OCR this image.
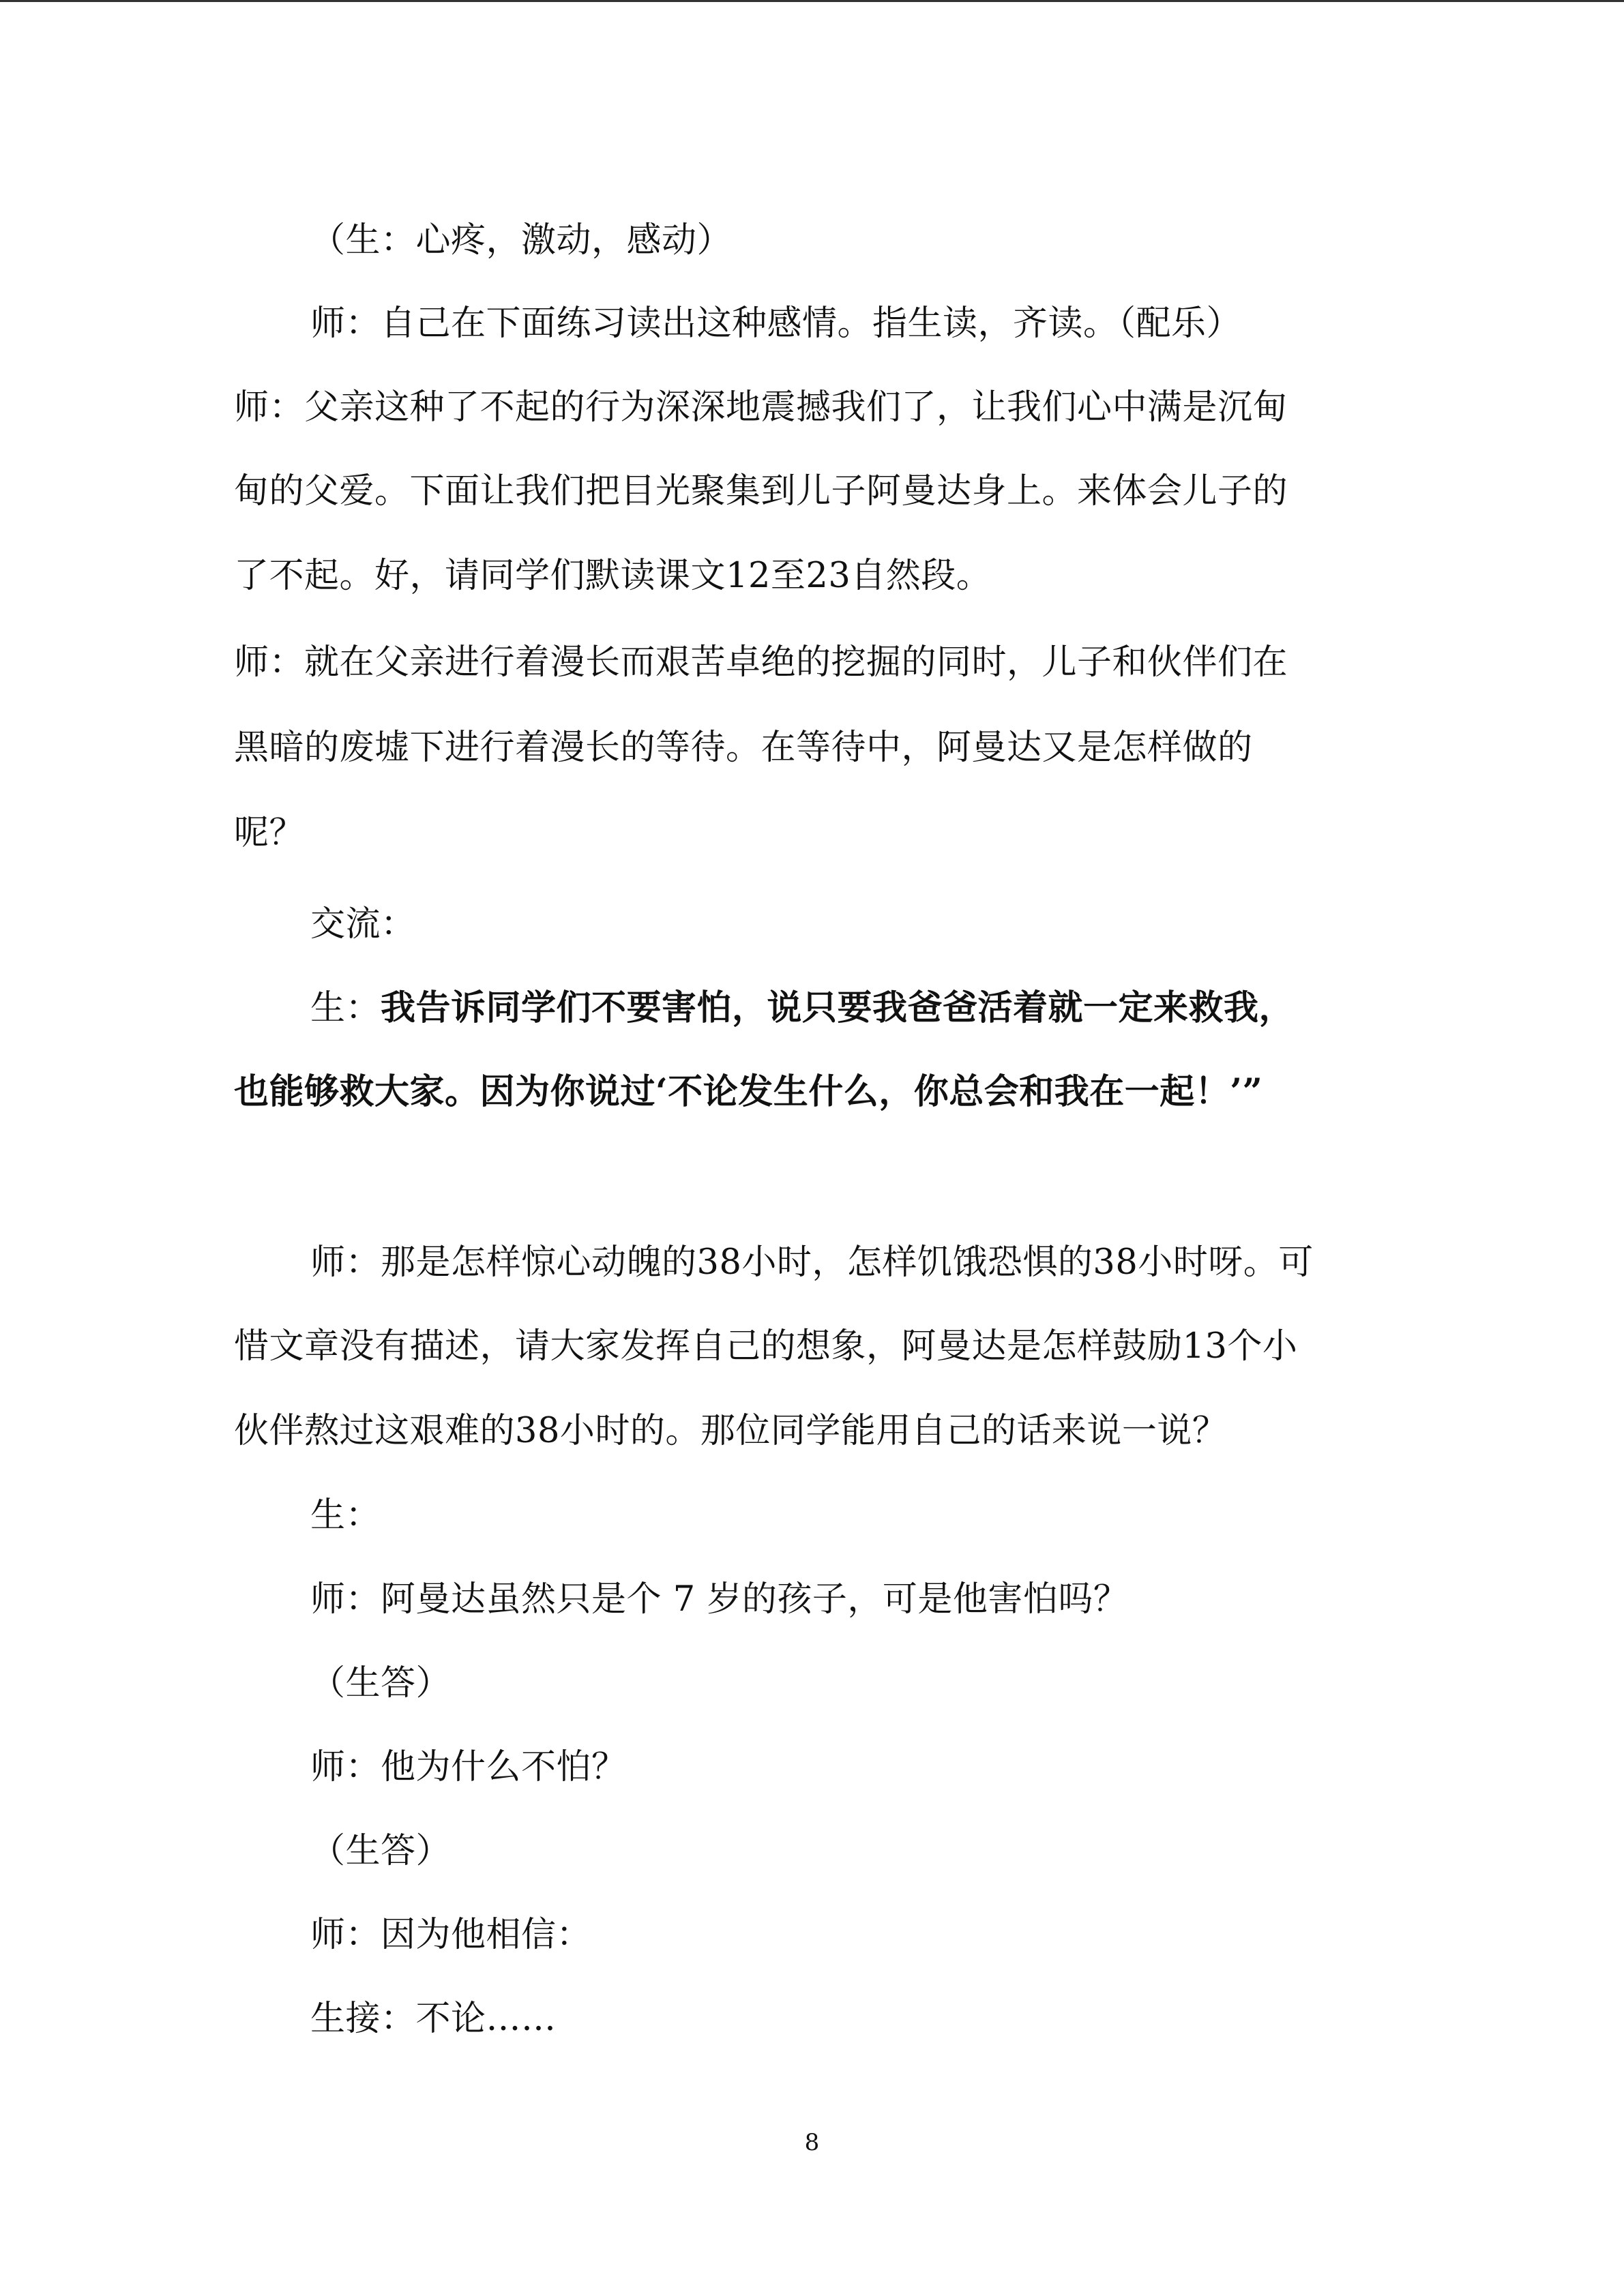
（生：心疼，激动，感动）
师：自己在下面练习读出这种感情。指生读，齐读。（配乐）
师：父亲这种了不起的行为深深地震撼我们了，让我们心中满是沉甸
甸的父爱。下面让我们把目光聚集到儿子阿曼达身上。来体会儿子的
了不起。好，请同学们默读课文12至23自然段。
师：就在父亲进行着漫长而艰苦卓绝的挖掘的同时，儿子和伙伴们在
黑暗的废墟下进行着漫长的等待。在等待中，阿曼达又是怎样做的
呢？
交流：
生：我告诉同学们不要害怕，说只要我爸爸活着就一定来救我，
也能够救大家。因为你说过‘不论发生什么，你总会和我在一起！’”
师：那是怎样惊心动魄的38小时，怎样饥饿恐惧的38小时呀。可
惜文章没有描述，请大家发挥自己的想象，阿曼达是怎样鼓励13个小
伙伴熬过这艰难的38小时的。那位同学能用自己的话来说一说？
生：
师：阿曼达虽然只是个 7 岁的孩子，可是他害怕吗？
（生答）
师：他为什么不怕？
（生答）
师：因为他相信：
生接：不论……
8
